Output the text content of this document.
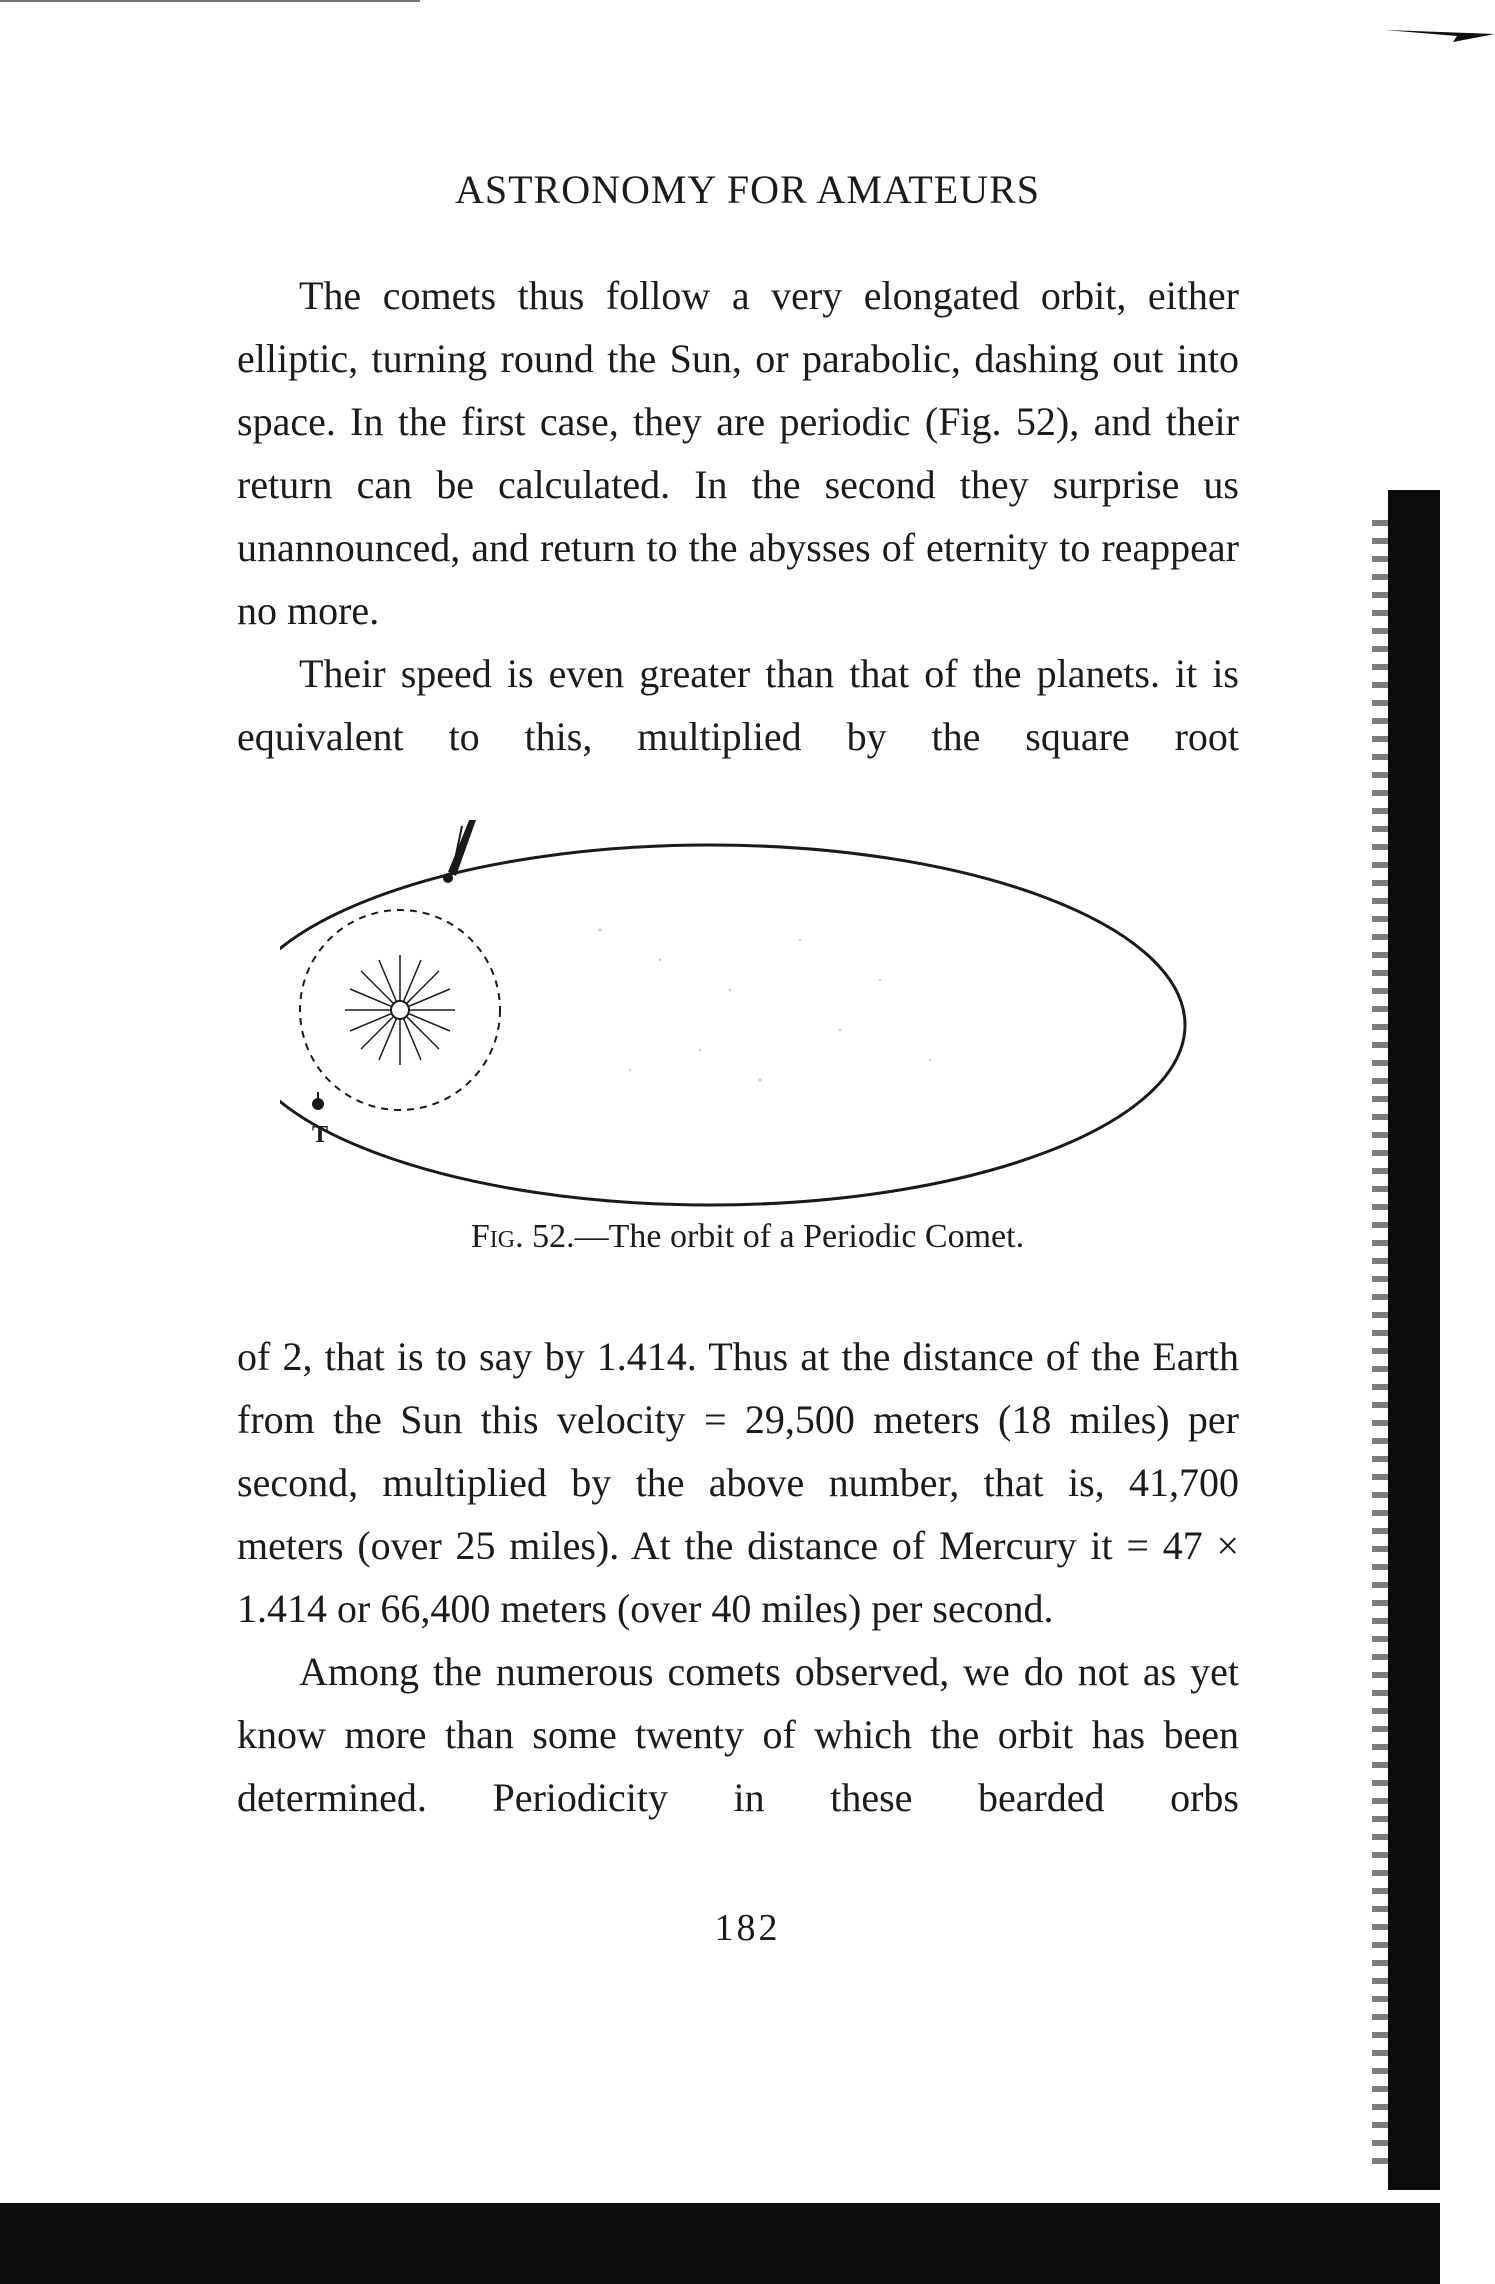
ASTRONOMY FOR AMATEURS

The comets thus follow a very elongated orbit, either elliptic, turning round the Sun, or parabolic, dashing out into space. In the first case, they are periodic (Fig. 52), and their return can be calculated. In the second they surprise us unannounced, and return to the abysses of eternity to reappear no more.

Their speed is even greater than that of the planets. it is equivalent to this, multiplied by the square root

T
Fig. 52.—The orbit of a Periodic Comet.

of 2, that is to say by 1.414. Thus at the distance of the Earth from the Sun this velocity = 29,500 meters (18 miles) per second, multiplied by the above number, that is, 41,700 meters (over 25 miles). At the distance of Mercury it = 47 × 1.414 or 66,400 meters (over 40 miles) per second.

Among the numerous comets observed, we do not as yet know more than some twenty of which the orbit has been determined. Periodicity in these bearded orbs

182
